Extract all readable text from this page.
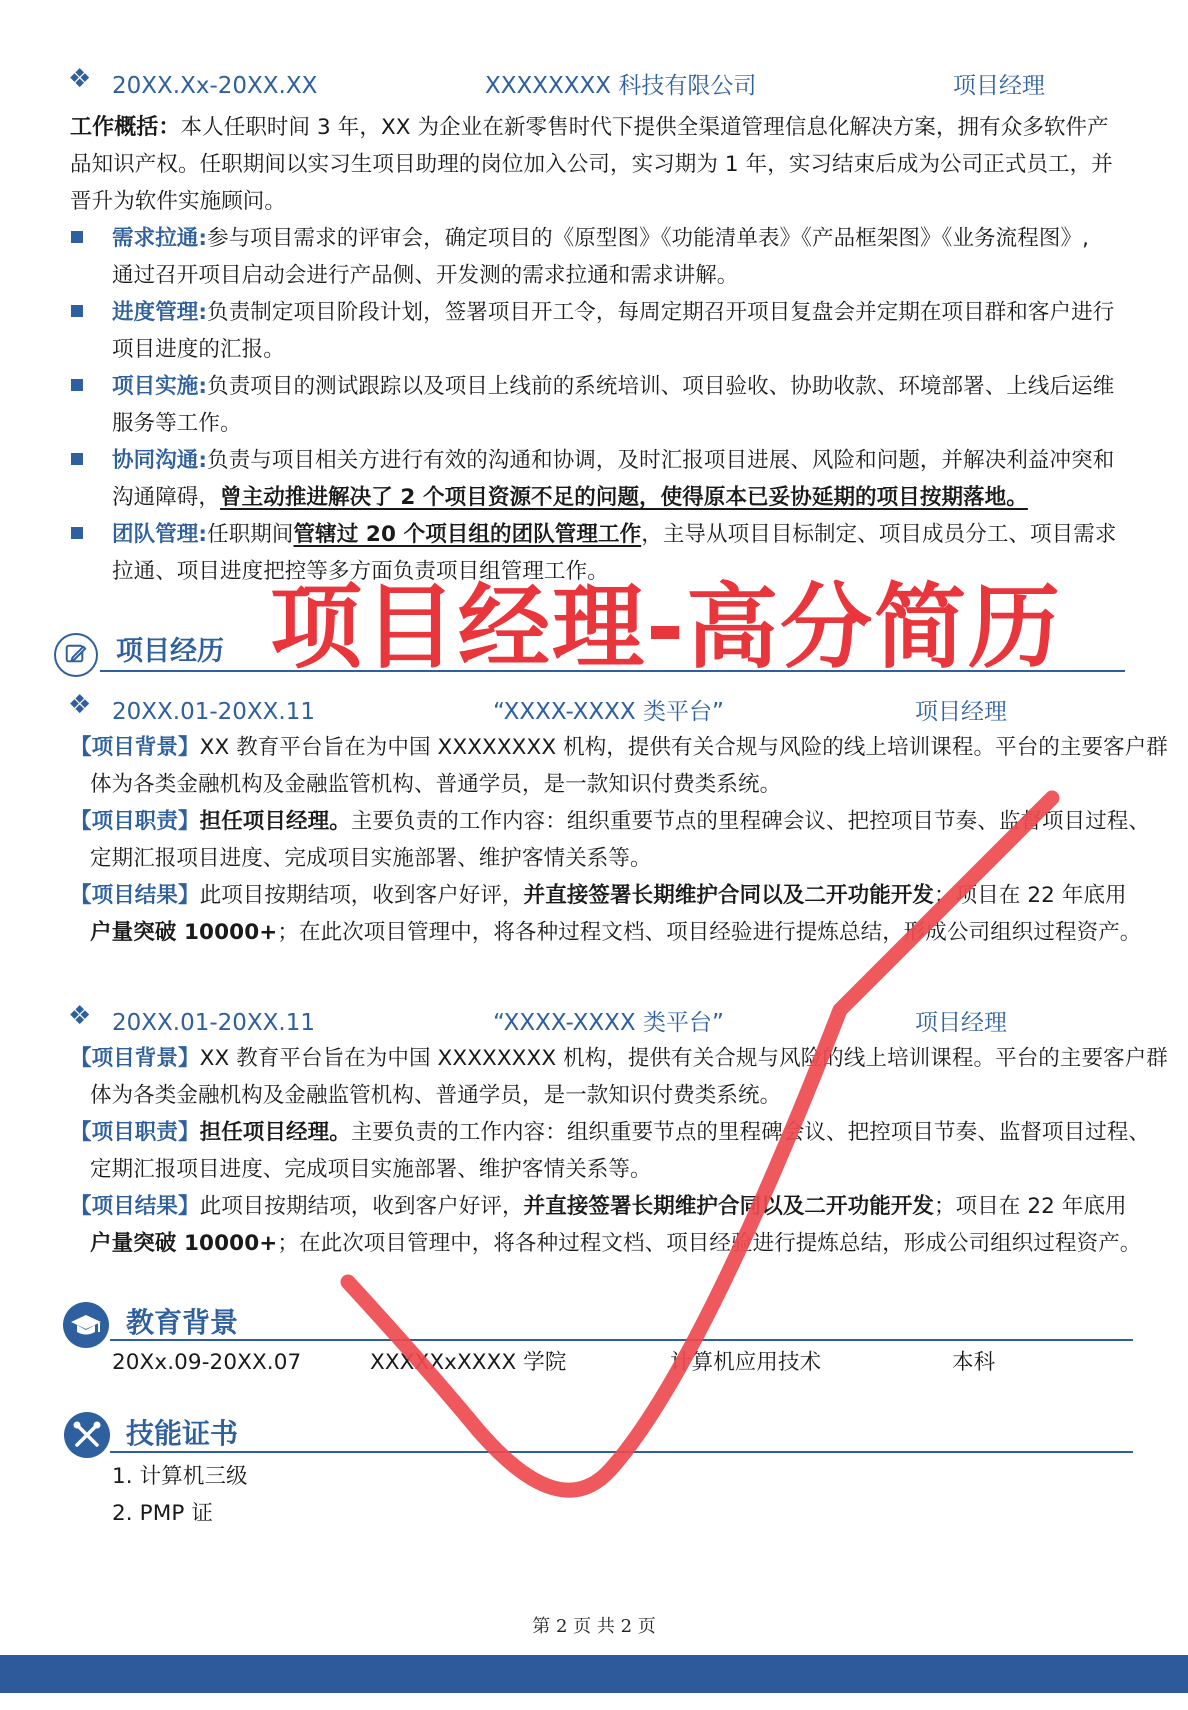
❖ 20XX.Xx-20XX.XX	XXXXXXXX 科技有限公司	项目经理
工作概括：本人任职时间 3 年，XX 为企业在新零售时代下提供全渠道管理信息化解决方案，拥有众多软件产
品知识产权。任职期间以实习生项目助理的岗位加入公司，实习期为 1 年，实习结束后成为公司正式员工，并
晋升为软件实施顾问。
需求拉通:参与项目需求的评审会，确定项目的《原型图》《功能清单表》《产品框架图》《业务流程图》,
通过召开项目启动会进行产品侧、开发测的需求拉通和需求讲解。
进度管理:负责制定项目阶段计划，签署项目开工令，每周定期召开项目复盘会并定期在项目群和客户进行
项目进度的汇报。
项目实施:负责项目的测试跟踪以及项目上线前的系统培训、项目验收、协助收款、环境部署、上线后运维
服务等工作。
协同沟通:负责与项目相关方进行有效的沟通和协调，及时汇报项目进展、风险和问题，并解决利益冲突和
沟通障碍，曾主动推进解决了 2 个项目资源不足的问题，使得原本已妥协延期的项目按期落地。
团队管理:任职期间管辖过 20 个项目组的团队管理工作，主导从项目目标制定、项目成员分工、项目需求
拉通、项目进度把控等多方面负责项目组管理工作。
项目经历 项目经理-高分简历
❖ 20XX.01-20XX.11	“XXXX-XXXX 类平台”	项目经理
【项目背景】XX 教育平台旨在为中国 XXXXXXXX 机构，提供有关合规与风险的线上培训课程。平台的主要客户群
体为各类金融机构及金融监管机构、普通学员，是一款知识付费类系统。
【项目职责】担任项目经理。主要负责的工作内容：组织重要节点的里程碑会议、把控项目节奏、监督项目过程、
定期汇报项目进度、完成项目实施部署、维护客情关系等。
【项目结果】此项目按期结项，收到客户好评，并直接签署长期维护合同以及二开功能开发；项目在 22 年底用
户量突破 10000+；在此次项目管理中，将各种过程文档、项目经验进行提炼总结，形成公司组织过程资产。
❖ 20XX.01-20XX.11	“XXXX-XXXX 类平台”	项目经理
【项目背景】XX 教育平台旨在为中国 XXXXXXXX 机构，提供有关合规与风险的线上培训课程。平台的主要客户群
体为各类金融机构及金融监管机构、普通学员，是一款知识付费类系统。
【项目职责】担任项目经理。主要负责的工作内容：组织重要节点的里程碑会议、把控项目节奏、监督项目过程、
定期汇报项目进度、完成项目实施部署、维护客情关系等。
【项目结果】此项目按期结项，收到客户好评，并直接签署长期维护合同以及二开功能开发；项目在 22 年底用
户量突破 10000+；在此次项目管理中，将各种过程文档、项目经验进行提炼总结，形成公司组织过程资产。
教育背景
20Xx.09-20XX.07	XXXXXxXXXX 学院	计算机应用技术	本科
技能证书
1. 计算机三级
2. PMP 证
第 2 页 共 2 页
